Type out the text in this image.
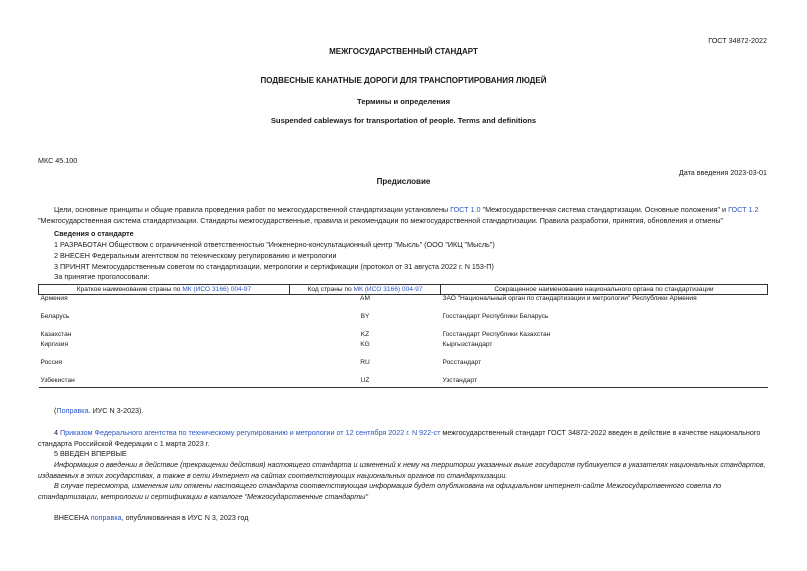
ГОСТ 34872-2022
МЕЖГОСУДАРСТВЕННЫЙ СТАНДАРТ
ПОДВЕСНЫЕ КАНАТНЫЕ ДОРОГИ ДЛЯ ТРАНСПОРТИРОВАНИЯ ЛЮДЕЙ
Термины и определения
Suspended cableways for transportation of people. Terms and definitions
МКС 45.100
Дата введения 2023-03-01
Предисловие
Цели, основные принципы и общие правила проведения работ по межгосударственной стандартизации установлены ГОСТ 1.0 "Межгосударственная система стандартизации. Основные положения" и ГОСТ 1.2 "Межгосударственная система стандартизации. Стандарты межгосударственные, правила и рекомендации по межгосударственной стандартизации. Правила разработки, принятия, обновления и отмены"
Сведения о стандарте
1 РАЗРАБОТАН Обществом с ограниченной ответственностью "Инженерно-консультационный центр "Мысль" (ООО "ИКЦ "Мысль")
2 ВНЕСЕН Федеральным агентством по техническому регулированию и метрологии
3 ПРИНЯТ Межгосударственным советом по стандартизации, метрологии и сертификации (протокол от 31 августа 2022 г. N 153-П)
За принятие проголосовали:
Краткое наименование страны по МК (ИСО 3166) 004-97	Код страны по МК (ИСО 3166) 004-97	Сокращенное наименование национального органа по стандартизации
Армения	AM	ЗАО "Национальный орган по стандартизации и метрологии" Республики Армения

Беларусь	BY	Госстандарт Республики Беларусь

Казахстан	KZ	Госстандарт Республики Казахстан
Киргизия	KG	Кыргызстандарт

Россия	RU	Росстандарт

Узбекистан	UZ	Узстандарт
(Поправка. ИУС N 3-2023).
4 Приказом Федерального агентства по техническому регулированию и метрологии от 12 сентября 2022 г. N 922-ст межгосударственный стандарт ГОСТ 34872-2022 введен в действие в качестве национального стандарта Российской Федерации с 1 марта 2023 г.
5 ВВЕДЕН ВПЕРВЫЕ
Информация о введении в действие (прекращении действия) настоящего стандарта и изменений к нему на территории указанных выше государств публикуется в указателях национальных стандартов, издаваемых в этих государствах, а также в сети Интернет на сайтах соответствующих национальных органов по стандартизации.
В случае пересмотра, изменения или отмены настоящего стандарта соответствующая информация будет опубликована на официальном интернет-сайте Межгосударственного совета по стандартизации, метрологии и сертификации в каталоге "Межгосударственные стандарты"
ВНЕСЕНА поправка, опубликованная в ИУС N 3, 2023 год
